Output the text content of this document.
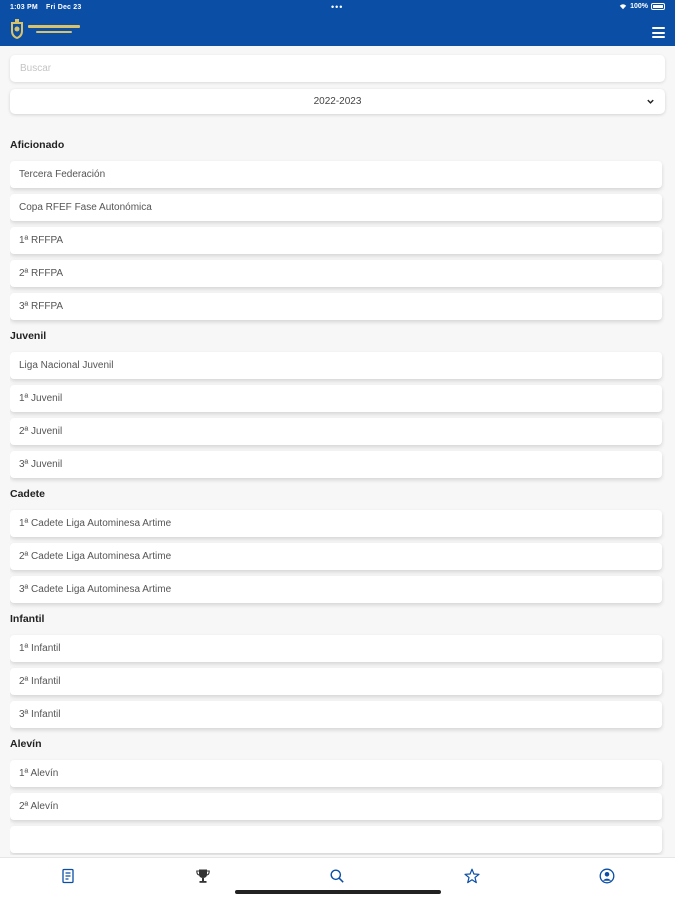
1:03 PM Fri Dec 23	•••	100%
Buscar
2022-2023
Aficionado
Tercera Federación
Copa RFEF Fase Autonómica
1ª RFFPA
2ª RFFPA
3ª RFFPA
Juvenil
Liga Nacional Juvenil
1ª Juvenil
2ª Juvenil
3ª Juvenil
Cadete
1ª Cadete Liga Autominesa Artime
2ª Cadete Liga Autominesa Artime
3ª Cadete Liga Autominesa Artime
Infantil
1ª Infantil
2ª Infantil
3ª Infantil
Alevín
1ª Alevín
2ª Alevín
